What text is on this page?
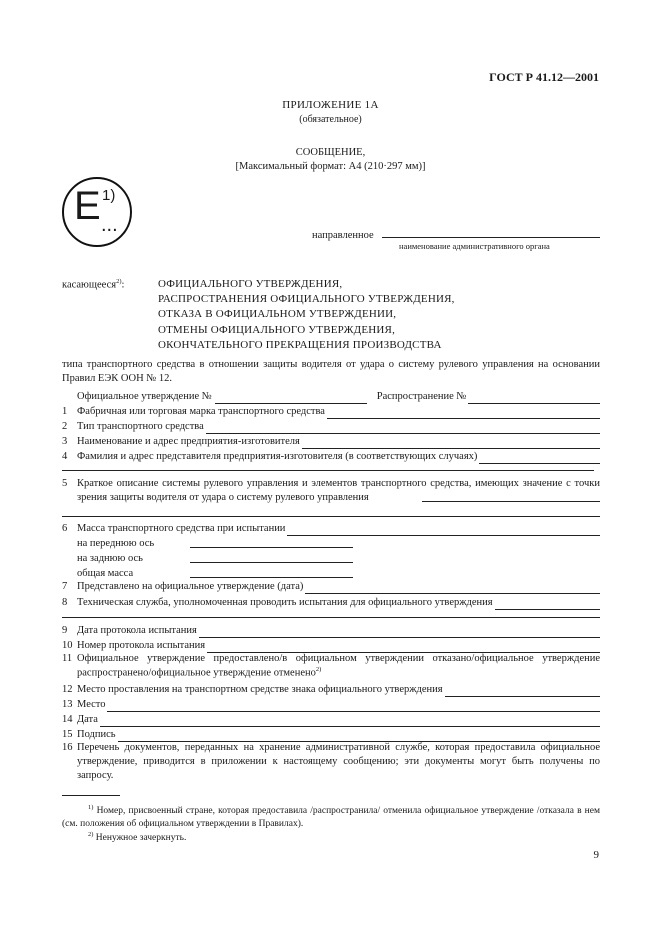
ГОСТ Р 41.12—2001
ПРИЛОЖЕНИЕ 1А
(обязательное)
СООБЩЕНИЕ,
[Максимальный формат: А4 (210·297 мм)]
E 1)
...	направленное
наименование административного органа
касающееся$^{2)}$:	ОФИЦИАЛЬНОГО УТВЕРЖДЕНИЯ,
РАСПРОСТРАНЕНИЯ ОФИЦИАЛЬНОГО УТВЕРЖДЕНИЯ,
ОТКАЗА В ОФИЦИАЛЬНОМ УТВЕРЖДЕНИИ,
ОТМЕНЫ ОФИЦИАЛЬНОГО УТВЕРЖДЕНИЯ,
ОКОНЧАТЕЛЬНОГО ПРЕКРАЩЕНИЯ ПРОИЗВОДСТВА
типа транспортного средства в отношении защиты водителя от удара о систему рулевого управления на основании Правил ЕЭК ООН № 12.
Официальное утверждение №	Распространение №
1 Фабричная или торговая марка транспортного средства
2 Тип транспортного средства
3 Наименование и адрес предприятия-изготовителя
4 Фамилия и адрес представителя предприятия-изготовителя (в соответствующих случаях)
5 Краткое описание системы рулевого управления и элементов транспортного средства, имеющих значение с точки зрения защиты водителя от удара о систему рулевого управления
6 Масса транспортного средства при испытании
на переднюю ось
на заднюю ось
общая масса
7 Представлено на официальное утверждение (дата)
8 Техническая служба, уполномоченная проводить испытания для официального утверждения
9 Дата протокола испытания
10 Номер протокола испытания
11 Официальное утверждение предоставлено/в официальном утверждении отказано/официальное утверждение распространено/официальное утверждение отменено$^{2)}$
12 Место проставления на транспортном средстве знака официального утверждения
13 Место
14 Дата
15 Подпись
16 Перечень документов, переданных на хранение административной службе, которая предоставила официальное утверждение, приводится в приложении к настоящему сообщению; эти документы могут быть получены по запросу.
$^{1)}$ Номер, присвоенный стране, которая предоставила /распространила/ отменила официальное утверждение /отказала в нем (см. положения об официальном утверждении в Правилах).
$^{2)}$ Ненужное зачеркнуть.
9
